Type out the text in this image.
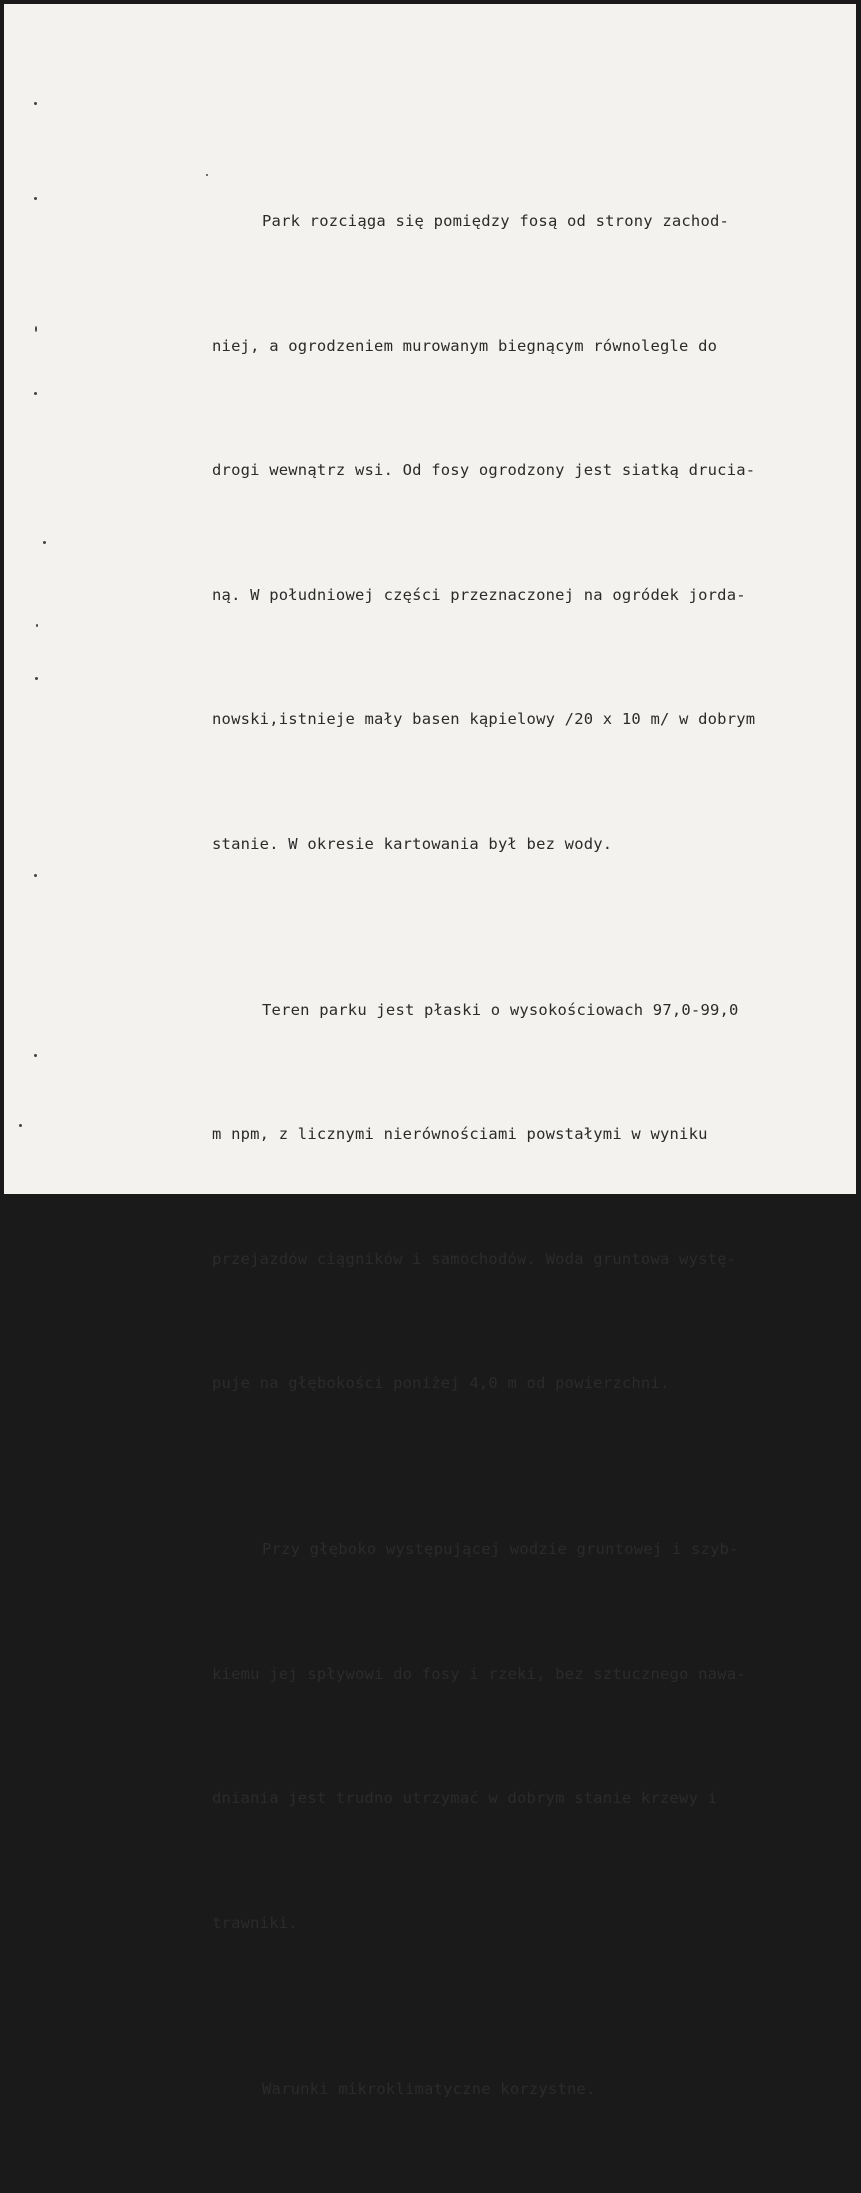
Park rozciąga się pomiędzy fosą od strony zachod-

niej, a ogrodzeniem murowanym biegnącym równolegle do

drogi wewnątrz wsi. Od fosy ogrodzony jest siatką drucia-

ną. W południowej części przeznaczonej na ogródek jorda-

nowski,istnieje mały basen kąpielowy /20 x 10 m/ w dobrym

stanie. W okresie kartowania był bez wody.

Teren parku jest płaski o wysokościowach 97,0-99,0

m npm, z licznymi nierównościami powstałymi w wyniku

przejazdów ciągników i samochodów. Woda gruntowa wystę-

puje na głębokości poniżej 4,0 m od powierzchni.

Przy głęboko występującej wodzie gruntowej i szyb-

kiemu jej spływowi do fosy i rzeki, bez sztucznego nawa-

dniania jest trudno utrzymać w dobrym stanie krzewy i

trawniki.

Warunki mikroklimatyczne korzystne.
